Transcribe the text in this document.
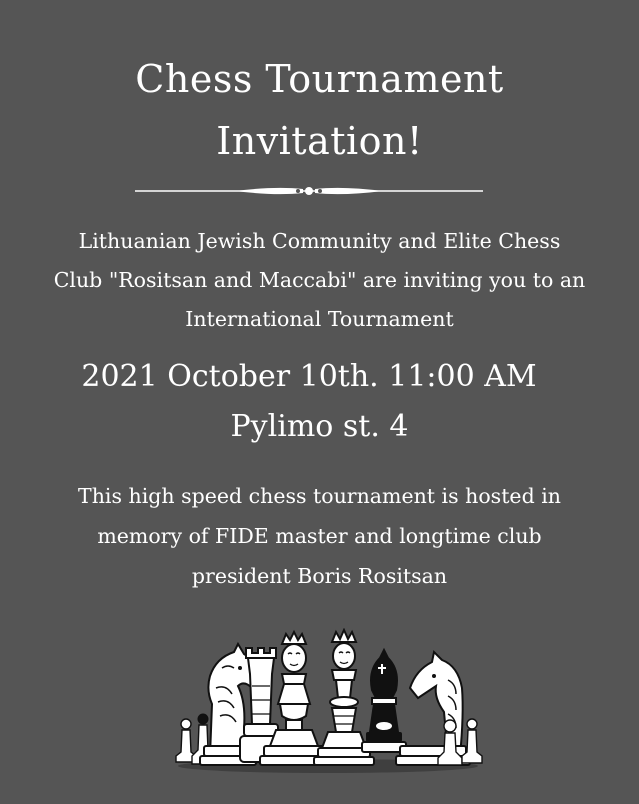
Chess Tournament
Invitation!

Lithuanian Jewish Community and Elite Chess
Club "Rositsan and Maccabi" are inviting you to an
International Tournament

2021 October 10th. 11:00 AM

Pylimo st. 4

This high speed chess tournament is hosted in
memory of FIDE master and longtime club
president Boris Rositsan
